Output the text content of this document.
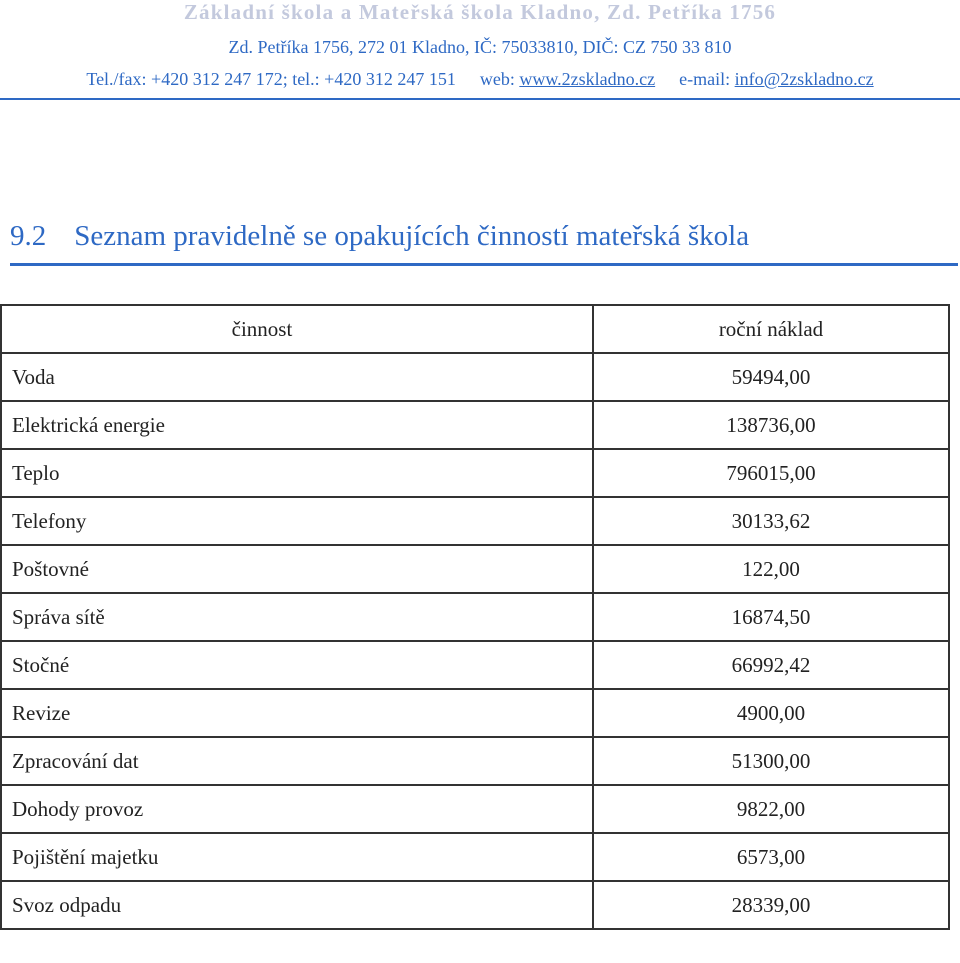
Základní škola a Mateřská škola Kladno, Zd. Petříka 1756
Zd. Petříka 1756, 272 01 Kladno, IČ: 75033810, DIČ: CZ 750 33 810
Tel./fax: +420 312 247 172; tel.: +420 312 247 151 web: www.2zskladno.cz e-mail: info@2zskladno.cz
9.2 Seznam pravidelně se opakujících činností mateřská škola
činnost	roční náklad
Voda	59494,00
Elektrická energie	138736,00
Teplo	796015,00
Telefony	30133,62
Poštovné	122,00
Správa sítě	16874,50
Stočné	66992,42
Revize	4900,00
Zpracování dat	51300,00
Dohody provoz	9822,00
Pojištění majetku	6573,00
Svoz odpadu	28339,00
